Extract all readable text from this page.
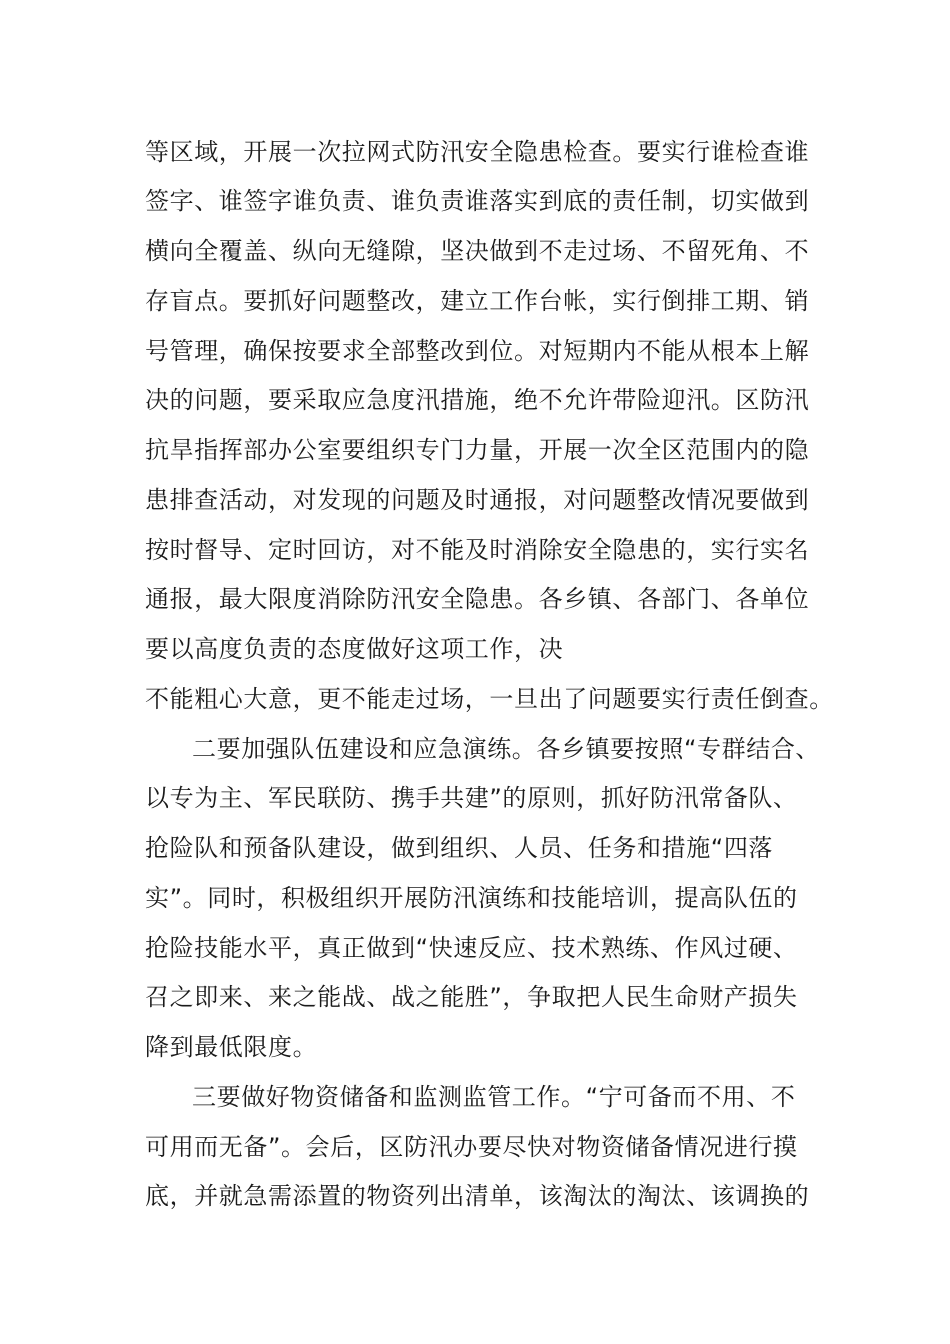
等区域，开展一次拉网式防汛安全隐患检查。要实行谁检查谁
签字、谁签字谁负责、谁负责谁落实到底的责任制，切实做到
横向全覆盖、纵向无缝隙，坚决做到不走过场、不留死角、不
存盲点。要抓好问题整改，建立工作台帐，实行倒排工期、销
号管理，确保按要求全部整改到位。对短期内不能从根本上解
决的问题，要采取应急度汛措施，绝不允许带险迎汛。区防汛
抗旱指挥部办公室要组织专门力量，开展一次全区范围内的隐
患排查活动，对发现的问题及时通报，对问题整改情况要做到
按时督导、定时回访，对不能及时消除安全隐患的，实行实名
通报，最大限度消除防汛安全隐患。各乡镇、各部门、各单位
要以高度负责的态度做好这项工作，决
不能粗心大意，更不能走过场，一旦出了问题要实行责任倒查。
二要加强队伍建设和应急演练。各乡镇要按照“专群结合、
以专为主、军民联防、携手共建”的原则，抓好防汛常备队、
抢险队和预备队建设，做到组织、人员、任务和措施“四落
实”。同时，积极组织开展防汛演练和技能培训，提高队伍的
抢险技能水平，真正做到“快速反应、技术熟练、作风过硬、
召之即来、来之能战、战之能胜”，争取把人民生命财产损失
降到最低限度。
三要做好物资储备和监测监管工作。“宁可备而不用、不
可用而无备”。会后，区防汛办要尽快对物资储备情况进行摸
底，并就急需添置的物资列出清单，该淘汰的淘汰、该调换的
